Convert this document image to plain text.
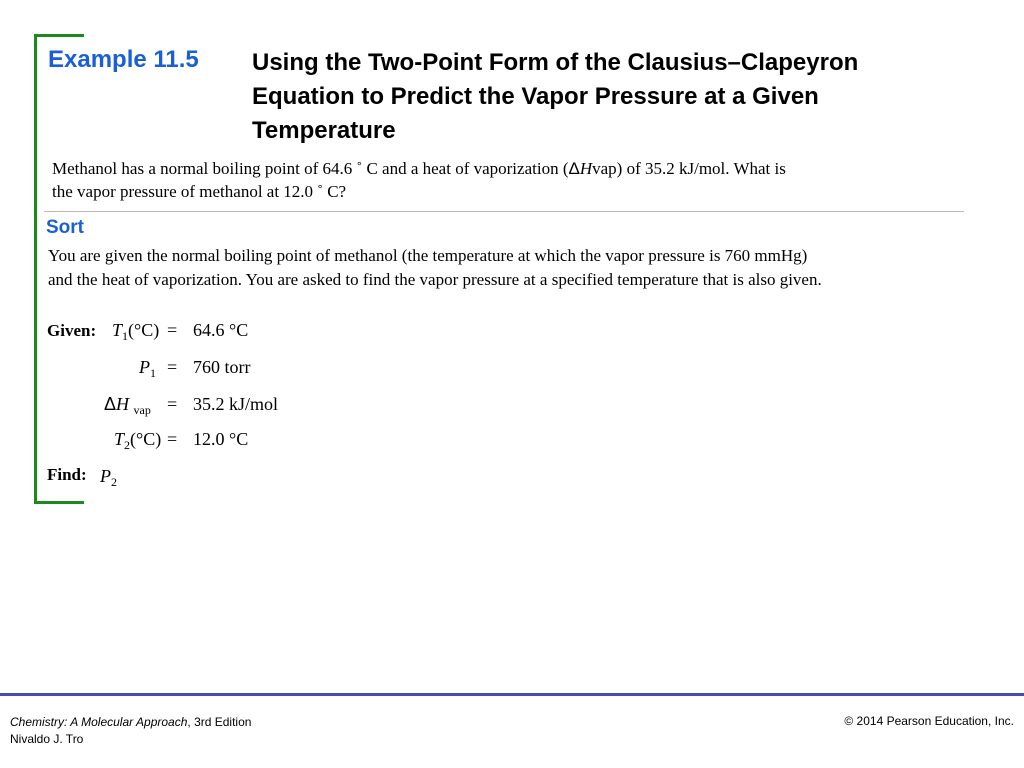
Example 11.5 Using the Two-Point Form of the Clausius–Clapeyron
Equation to Predict the Vapor Pressure at a Given
Temperature
Methanol has a normal boiling point of 64.6 ˚ C and a heat of vaporization (ΔHvap) of 35.2 kJ/mol. What is
the vapor pressure of methanol at 12.0 ˚ C?
Sort
You are given the normal boiling point of methanol (the temperature at which the vapor pressure is 760 mmHg)
and the heat of vaporization. You are asked to find the vapor pressure at a specified temperature that is also given.
Given: $T_1(^\circ C) = 64.6$ °C
$P_1 = 760$ torr
ΔH $_{vap}$ = 35.2 kJ/mol
$T_2(^\circ C) = 12.0$ °C
Find: $P_2$
Chemistry: A Molecular Approach, 3rd Edition
Nivaldo J. Tro
© 2014 Pearson Education, Inc.
